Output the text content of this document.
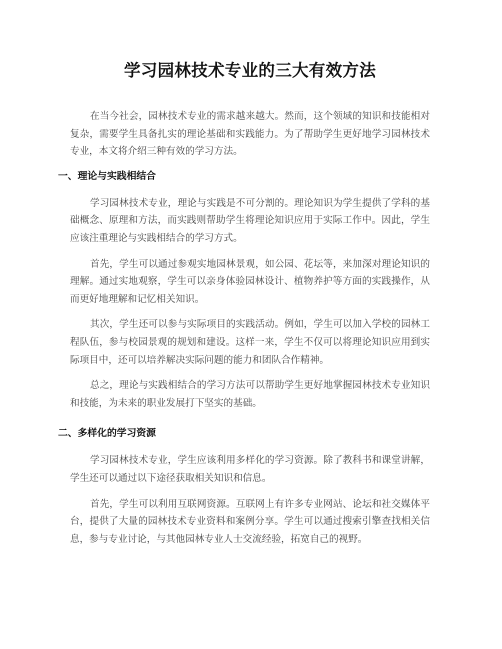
学习园林技术专业的三大有效方法

在当今社会，园林技术专业的需求越来越大。然而，这个领域的知识和技能相对复杂，需要学生具备扎实的理论基础和实践能力。为了帮助学生更好地学习园林技术专业，本文将介绍三种有效的学习方法。

一、理论与实践相结合

学习园林技术专业，理论与实践是不可分割的。理论知识为学生提供了学科的基础概念、原理和方法，而实践则帮助学生将理论知识应用于实际工作中。因此，学生应该注重理论与实践相结合的学习方式。

首先，学生可以通过参观实地园林景观，如公园、花坛等，来加深对理论知识的理解。通过实地观察，学生可以亲身体验园林设计、植物养护等方面的实践操作，从而更好地理解和记忆相关知识。

其次，学生还可以参与实际项目的实践活动。例如，学生可以加入学校的园林工程队伍，参与校园景观的规划和建设。这样一来，学生不仅可以将理论知识应用到实际项目中，还可以培养解决实际问题的能力和团队合作精神。

总之，理论与实践相结合的学习方法可以帮助学生更好地掌握园林技术专业知识和技能，为未来的职业发展打下坚实的基础。

二、多样化的学习资源

学习园林技术专业，学生应该利用多样化的学习资源。除了教科书和课堂讲解，学生还可以通过以下途径获取相关知识和信息。

首先，学生可以利用互联网资源。互联网上有许多专业网站、论坛和社交媒体平台，提供了大量的园林技术专业资料和案例分享。学生可以通过搜索引擎查找相关信息，参与专业讨论，与其他园林专业人士交流经验，拓宽自己的视野。
